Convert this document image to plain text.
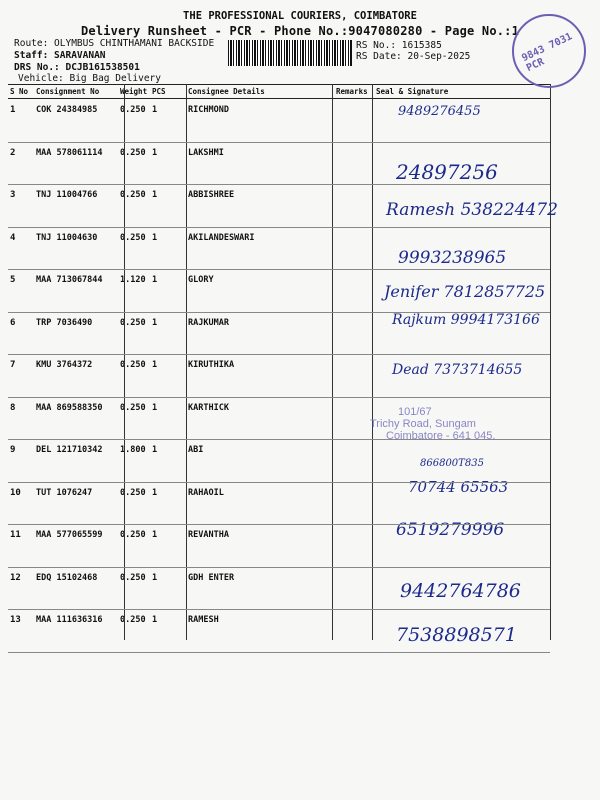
THE PROFESSIONAL COURIERS, COIMBATORE
Delivery Runsheet - PCR - Phone No.:9047080280 - Page No.:1
Route: OLYMBUS CHINTHAMANI BACKSIDE
Staff: SARAVANAN
DRS No.: DCJB161538501
Vehicle: Big Bag Delivery
RS No.: 1615385
RS Date: 20-Sep-2025
S No	Consignment No	Weight	PCS	Consignee Details	Remarks	Seal & Signature
1	COK 24384985	0.250	1	RICHMOND		
2	MAA 578061114	0.250	1	LAKSHMI		
3	TNJ 11004766	0.250	1	ABBISHREE		
4	TNJ 11004630	0.250	1	AKILANDESWARI		
5	MAA 713067844	1.120	1	GLORY		
6	TRP 7036490	0.250	1	RAJKUMAR		
7	KMU 3764372	0.250	1	KIRUTHIKA		
8	MAA 869588350	0.250	1	KARTHICK		
9	DEL 121710342	1.800	1	ABI		
10	TUT 1076247	0.250	1	RAHAOIL		
11	MAA 577065599	0.250	1	REVANTHA		
12	EDQ 15102468	0.250	1	GDH ENTER		
13	MAA 111636316	0.250	1	RAMESH		
9843 7031 PCR
101/67
Trichy Road, Sungam
Coimbatore - 641 045.
9489276455
24897256
Ramesh 538224472
9993238965
Jenifer 7812857725
Rajkum 9994173166
Dead 7373714655
866800T835
70744 65563
6519279996
9442764786
7538898571
